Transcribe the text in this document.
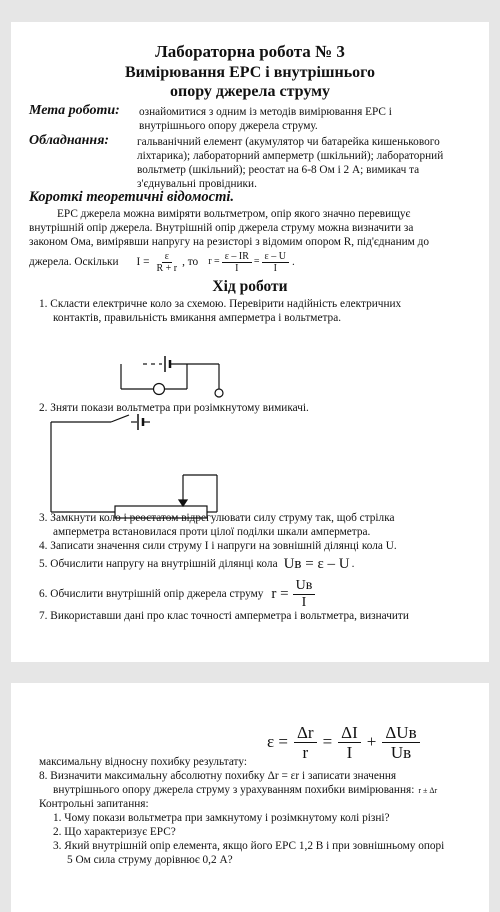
Лабораторна робота № 3

Вимірювання ЕРС і внутрішнього

опору джерела струму

Мета роботи: ознайомитися з одним із методів вимірювання ЕРС і

внутрішнього опору джерела струму.

Обладнання: гальванічний елемент (акумулятор чи батарейка кишенькового

ліхтарика); лабораторний амперметр (шкільний); лабораторний

вольтметр (шкільний); реостат на 6-8 Ом і 2 А; вимикач та

з'єднувальні провідники.

Короткі теоретичні відомості.

ЕРС джерела можна виміряти вольтметром, опір якого значно перевищує

внутрішній опір джерела. Внутрішній опір джерела струму можна визначити за

законом Ома, вимірявши напругу на резисторі з відомим опором R, під'єднаним до

джерела. Оскільки $I = \frac{\varepsilon}{R + r}$ , то $r = \frac{\varepsilon - IR}{I} = \frac{\varepsilon - U}{I}$ .

Хід роботи

1. Скласти електричне коло за схемою. Перевірити надійність електричних

контактів, правильність вмикання амперметра і вольтметра.

2. Зняти покази вольтметра при розімкнутому вимикачі.

3. Замкнути коло і реостатом відрегулювати силу струму так, щоб стрілка

амперметра встановилася проти цілої поділки шкали амперметра.

4. Записати значення сили струму I і напруги на зовнішній ділянці кола U.

5. Обчислити напругу на внутрішній ділянці кола Uв = ε – U .
6. Обчислити внутрішній опір джерела струму $r = \frac{Uв}{I}$

7. Використавши дані про клас точності амперметра і вольтметра, визначити

$\varepsilon = \frac{\Delta r}{r} = \frac{\Delta I}{I} + \frac{\text{ΔUв}}{Uв}$

максимальну відносну похибку результату:

8. Визначити максимальну абсолютну похибку Δr = εr і записати значення

внутрішнього опору джерела струму з урахуванням похибки вимірювання: r ± Δr

Контрольні запитання:

1. Чому покази вольтметра при замкнутому і розімкнутому колі різні?

2. Що характеризує ЕРС?

3. Який внутрішній опір елемента, якщо його ЕРС 1,2 В і при зовнішньому опорі

5 Ом сила струму дорівнює 0,2 А?
